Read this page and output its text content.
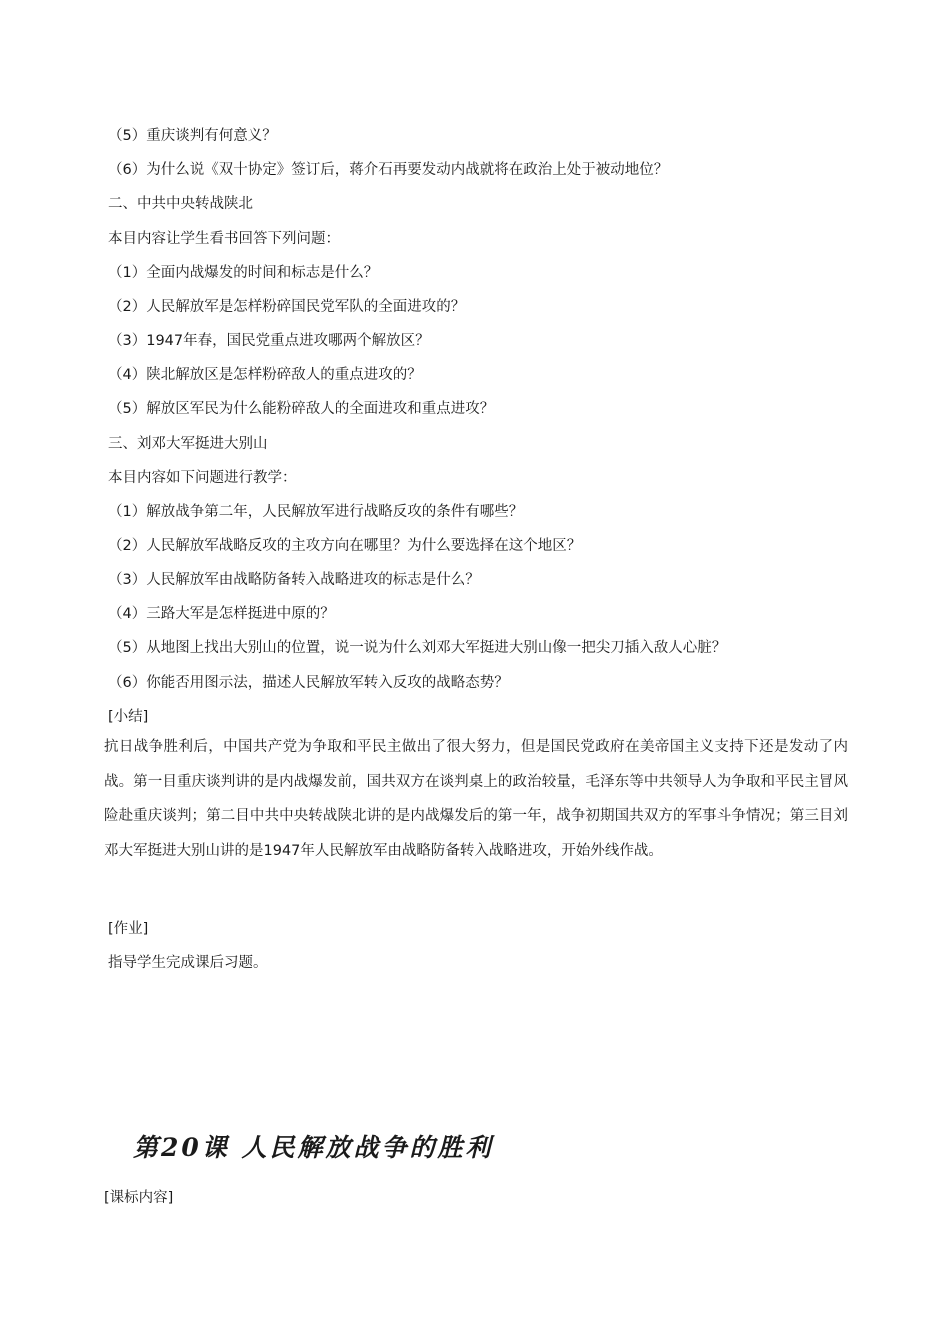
（5）重庆谈判有何意义？
（6）为什么说《双十协定》签订后，蒋介石再要发动内战就将在政治上处于被动地位？
二、中共中央转战陕北
本目内容让学生看书回答下列问题：
（1）全面内战爆发的时间和标志是什么？
（2）人民解放军是怎样粉碎国民党军队的全面进攻的？
（3）1947年春，国民党重点进攻哪两个解放区？
（4）陕北解放区是怎样粉碎敌人的重点进攻的？
（5）解放区军民为什么能粉碎敌人的全面进攻和重点进攻？
三、刘邓大军挺进大别山
本目内容如下问题进行教学：
（1）解放战争第二年，人民解放军进行战略反攻的条件有哪些？
（2）人民解放军战略反攻的主攻方向在哪里？为什么要选择在这个地区？
（3）人民解放军由战略防备转入战略进攻的标志是什么？
（4）三路大军是怎样挺进中原的？
（5）从地图上找出大别山的位置，说一说为什么刘邓大军挺进大别山像一把尖刀插入敌人心脏？
（6）你能否用图示法，描述人民解放军转入反攻的战略态势？
[小结]
抗日战争胜利后，中国共产党为争取和平民主做出了很大努力，但是国民党政府在美帝国主义支持下还是发动了内战。第一目重庆谈判讲的是内战爆发前，国共双方在谈判桌上的政治较量，毛泽东等中共领导人为争取和平民主冒风险赴重庆谈判；第二目中共中央转战陕北讲的是内战爆发后的第一年，战争初期国共双方的军事斗争情况；第三目刘邓大军挺进大别山讲的是1947年人民解放军由战略防备转入战略进攻，开始外线作战。
[作业]
指导学生完成课后习题。
第20课 人民解放战争的胜利
[课标内容]
